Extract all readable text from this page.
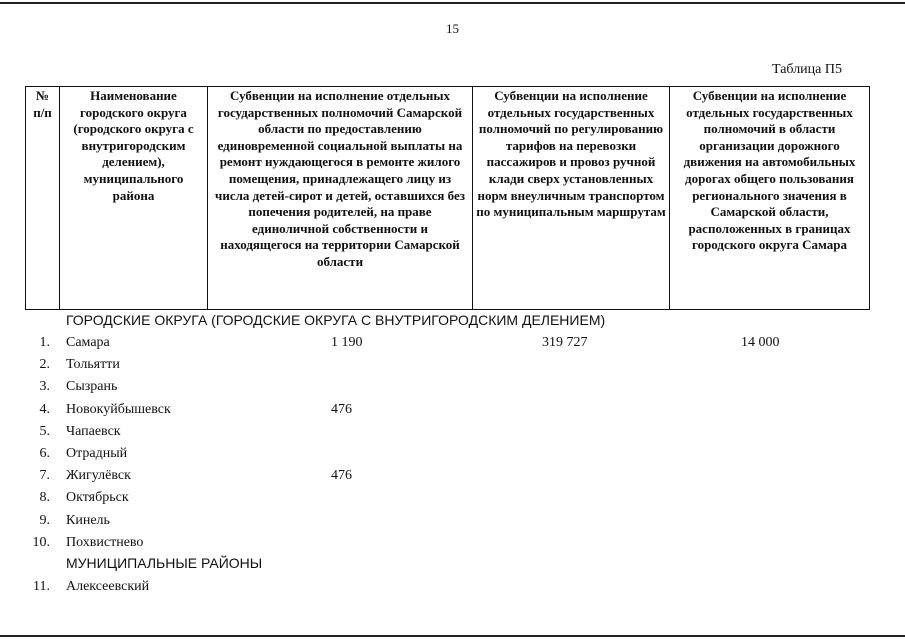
15
Таблица П5
№ п/п	Наименование городского округа (городского округа с внутригородским делением), муниципального района	Субвенции на исполнение отдельных государственных полномочий Самарской области по предоставлению единовременной социальной выплаты на ремонт нуждающегося в ремонте жилого помещения, принадлежащего лицу из числа детей-сирот и детей, оставшихся без попечения родителей, на праве единоличной собственности и находящегося на территории Самарской области	Субвенции на исполнение отдельных государственных полномочий по регулированию тарифов на перевозки пассажиров и провоз ручной клади сверх установленных норм внеуличным транспортом по муниципальным маршрутам	Субвенции на исполнение отдельных государственных полномочий в области организации дорожного движения на автомобильных дорогах общего пользования регионального значения в Самарской области, расположенных в границах городского округа Самара
ГОРОДСКИЕ ОКРУГА (ГОРОДСКИЕ ОКРУГА С ВНУТРИГОРОДСКИМ ДЕЛЕНИЕМ)
1. Самара	1 190	319 727	14 000
2. Тольятти
3. Сызрань
4. Новокуйбышевск	476
5. Чапаевск
6. Отрадный
7. Жигулёвск	476
8. Октябрьск
9. Кинель
10. Похвистнево
МУНИЦИПАЛЬНЫЕ РАЙОНЫ
11. Алексеевский
